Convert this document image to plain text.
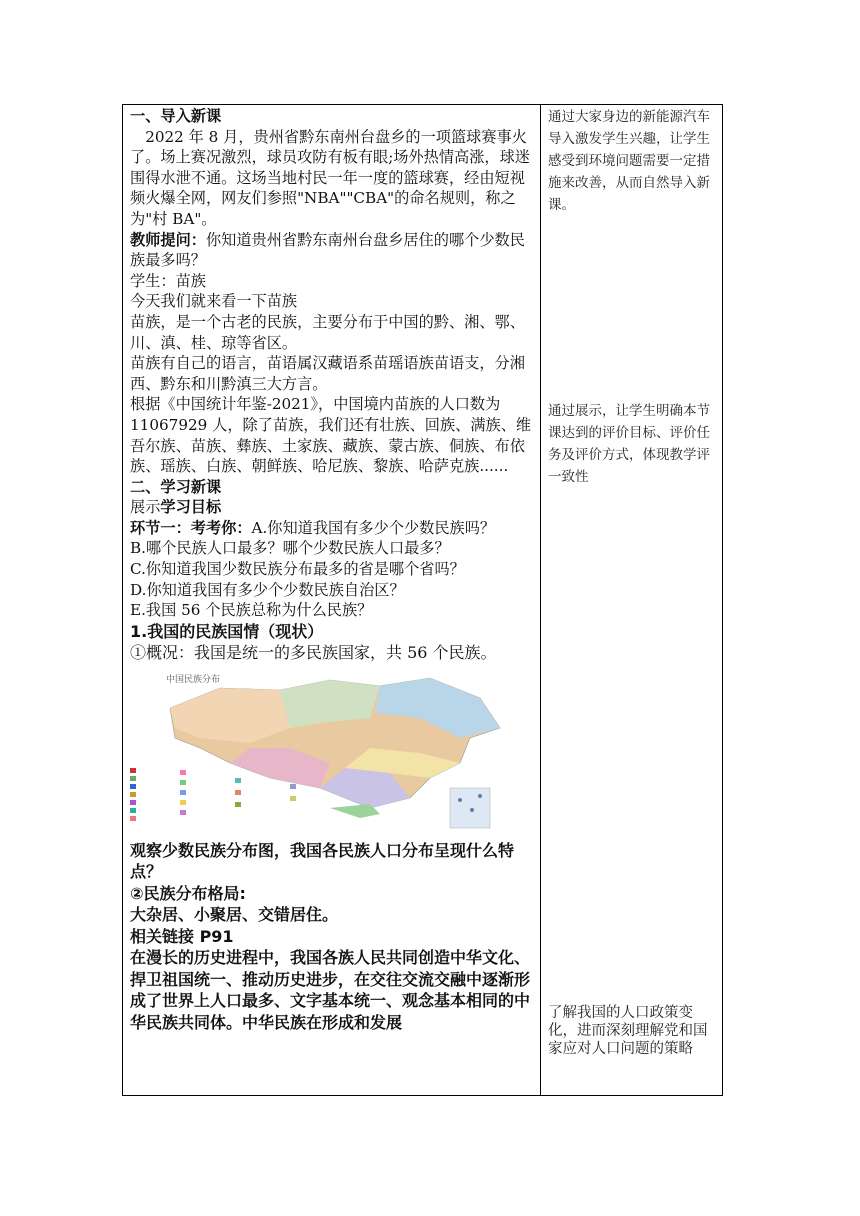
一、导入新课

2022 年 8 月，贵州省黔东南州台盘乡的一项篮球赛事火了。场上赛况激烈，球员攻防有板有眼;场外热情高涨，球迷围得水泄不通。这场当地村民一年一度的篮球赛，经由短视频火爆全网，网友们参照"NBA""CBA"的命名规则，称之为"村 BA"。

教师提问：你知道贵州省黔东南州台盘乡居住的哪个少数民族最多吗？

学生：苗族

今天我们就来看一下苗族

苗族，是一个古老的民族，主要分布于中国的黔、湘、鄂、川、滇、桂、琼等省区。

苗族有自己的语言，苗语属汉藏语系苗瑶语族苗语支，分湘西、黔东和川黔滇三大方言。

根据《中国统计年鉴-2021》，中国境内苗族的人口数为 11067929 人，除了苗族，我们还有壮族、回族、满族、维吾尔族、苗族、彝族、土家族、藏族、蒙古族、侗族、布依族、瑶族、白族、朝鲜族、哈尼族、黎族、哈萨克族......

二、学习新课

展示学习目标

环节一：考考你：A.你知道我国有多少个少数民族吗？

B.哪个民族人口最多？哪个少数民族人口最多？

C.你知道我国少数民族分布最多的省是哪个省吗？

D.你知道我国有多少个少数民族自治区？

E.我国 56 个民族总称为什么民族？

1.我国的民族国情（现状）

①概况：我国是统一的多民族国家，共 56 个民族。

中国民族分布

观察少数民族分布图，我国各民族人口分布呈现什么特点？

②民族分布格局:

大杂居、小聚居、交错居住。

相关链接 P91

在漫长的历史进程中，我国各族人民共同创造中华文化、捍卫祖国统一、推动历史进步，在交往交流交融中逐渐形成了世界上人口最多、文字基本统一、观念基本相同的中华民族共同体。中华民族在形成和发展

通过大家身边的新能源汽车导入激发学生兴趣，让学生感受到环境问题需要一定措施来改善，从而自然导入新课。
通过展示，让学生明确本节课达到的评价目标、评价任务及评价方式，体现教学评一致性
了解我国的人口政策变化，进而深刻理解党和国家应对人口问题的策略
